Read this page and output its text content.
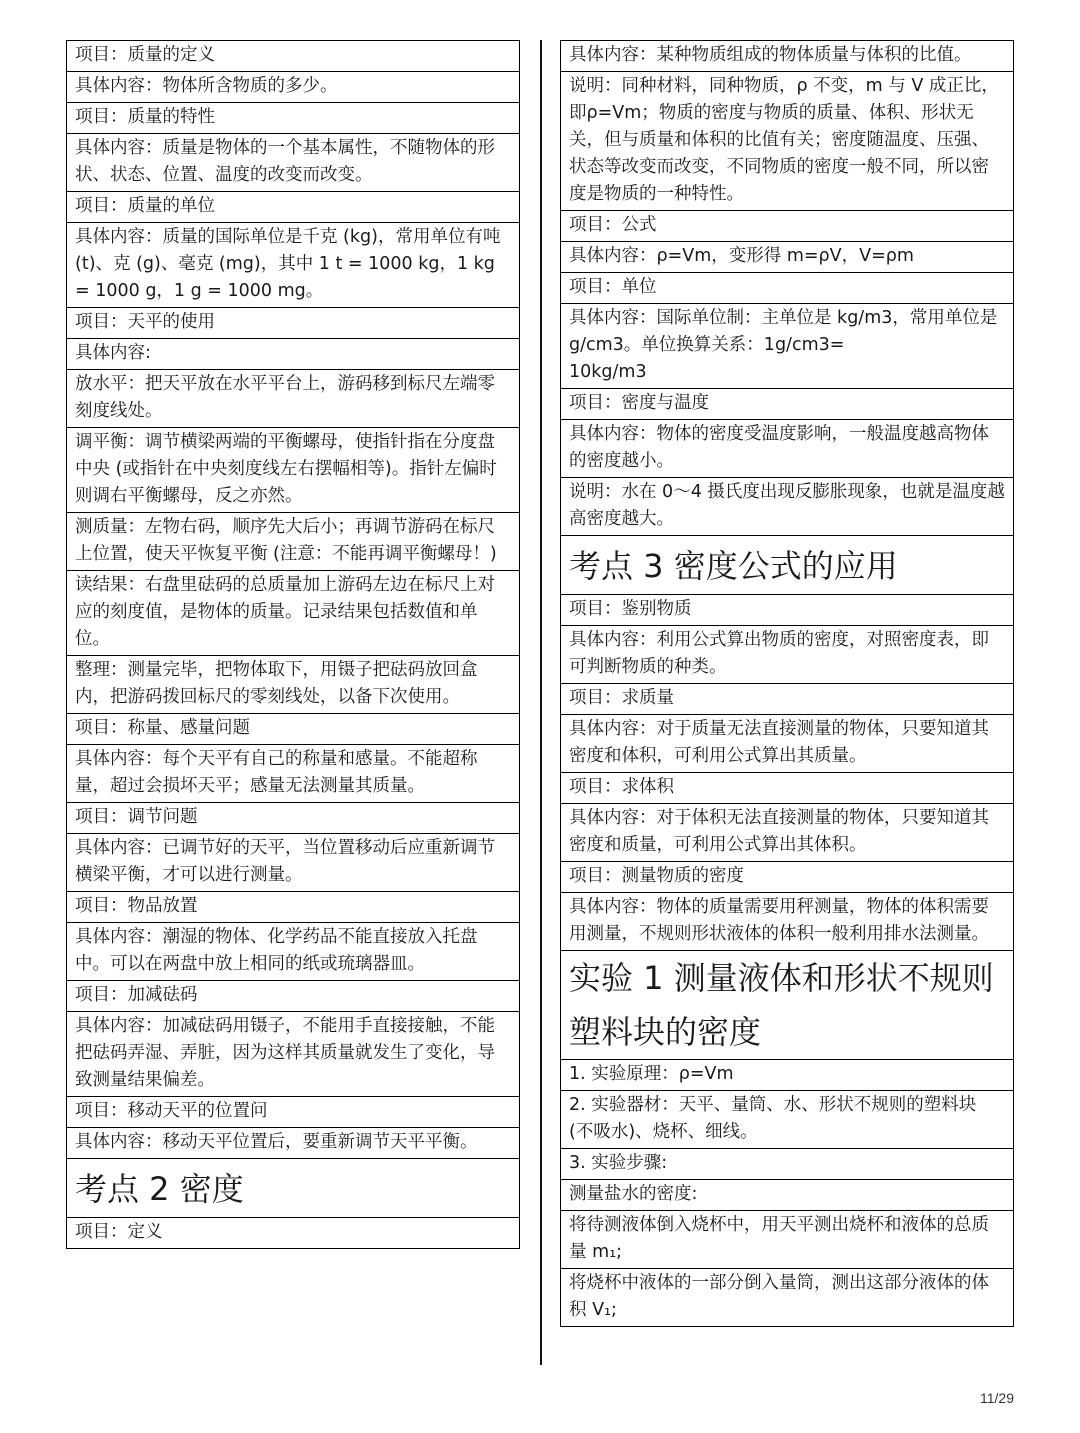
项目：质量的定义
具体内容：物体所含物质的多少。
项目：质量的特性
具体内容：质量是物体的一个基本属性，不随物体的形状、状态、位置、温度的改变而改变。
项目：质量的单位
具体内容：质量的国际单位是千克 (kg)，常用单位有吨 (t)、克 (g)、毫克 (mg)，其中 1 t = 1000 kg，1 kg = 1000 g，1 g = 1000 mg。
项目：天平的使用
具体内容:
放水平：把天平放在水平平台上，游码移到标尺左端零刻度线处。
调平衡：调节横梁两端的平衡螺母，使指针指在分度盘中央 (或指针在中央刻度线左右摆幅相等)。指针左偏时则调右平衡螺母，反之亦然。
测质量：左物右码，顺序先大后小；再调节游码在标尺上位置，使天平恢复平衡 (注意：不能再调平衡螺母！)
读结果：右盘里砝码的总质量加上游码左边在标尺上对应的刻度值，是物体的质量。记录结果包括数值和单位。
整理：测量完毕，把物体取下，用镊子把砝码放回盒内，把游码拨回标尺的零刻线处，以备下次使用。
项目：称量、感量问题
具体内容：每个天平有自己的称量和感量。不能超称量，超过会损坏天平；感量无法测量其质量。
项目：调节问题
具体内容：已调节好的天平，当位置移动后应重新调节横梁平衡，才可以进行测量。
项目：物品放置
具体内容：潮湿的物体、化学药品不能直接放入托盘中。可以在两盘中放上相同的纸或琉璃器皿。
项目：加减砝码
具体内容：加减砝码用镊子，不能用手直接接触，不能把砝码弄湿、弄脏，因为这样其质量就发生了变化，导致测量结果偏差。
项目：移动天平的位置问
具体内容：移动天平位置后，要重新调节天平平衡。
考点 2 密度
项目：定义
具体内容：某种物质组成的物体质量与体积的比值。
说明：同种材料，同种物质，ρ 不变，m 与 V 成正比，即ρ=Vm；物质的密度与物质的质量、体积、形状无关，但与质量和体积的比值有关；密度随温度、压强、状态等改变而改变，不同物质的密度一般不同，所以密度是物质的一种特性。
项目：公式
具体内容：ρ=Vm，变形得 m=ρV，V=ρm
项目：单位
具体内容：国际单位制：主单位是 kg/m3，常用单位是 g/cm3。单位换算关系：1g/cm3=
10kg/m3
项目：密度与温度
具体内容：物体的密度受温度影响，一般温度越高物体的密度越小。
说明：水在 0～4 摄氏度出现反膨胀现象，也就是温度越高密度越大。
考点 3 密度公式的应用
项目：鉴别物质
具体内容：利用公式算出物质的密度，对照密度表，即可判断物质的种类。
项目：求质量
具体内容：对于质量无法直接测量的物体，只要知道其密度和体积，可利用公式算出其质量。
项目：求体积
具体内容：对于体积无法直接测量的物体，只要知道其密度和质量，可利用公式算出其体积。
项目：测量物质的密度
具体内容：物体的质量需要用秤测量，物体的体积需要用测量，不规则形状液体的体积一般利用排水法测量。
实验 1 测量液体和形状不规则塑料块的密度
1. 实验原理：ρ=Vm
2. 实验器材：天平、量筒、水、形状不规则的塑料块 (不吸水)、烧杯、细线。
3. 实验步骤:
测量盐水的密度:
将待测液体倒入烧杯中，用天平测出烧杯和液体的总质量 m₁;
将烧杯中液体的一部分倒入量筒，测出这部分液体的体积 V₁;
11/29
